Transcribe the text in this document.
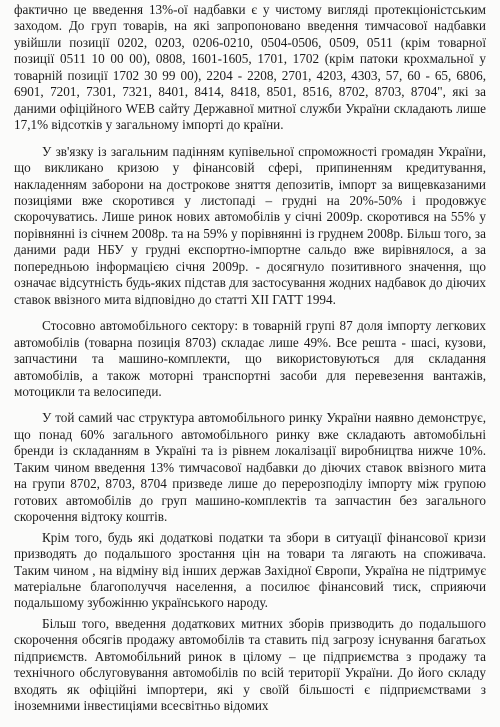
фактично це введення 13%-ої надбавки є у чистому вигляді протекціоністським заходом. До груп товарів, на які запропоновано введення тимчасової надбавки увійшли позиції 0202, 0203, 0206-0210, 0504-0506, 0509, 0511 (крім товарної позиції 0511 10 00 00), 0808, 1601-1605, 1701, 1702 (крім патоки крохмальної у товарній позиції 1702 30 99 00), 2204 - 2208, 2701, 4203, 4303, 57, 60 - 65, 6806, 6901, 7201, 7301, 7321, 8401, 8414, 8418, 8501, 8516, 8702, 8703, 8704", які за даними офіційного WEB сайту Державної митної служби України складають лише 17,1% відсотків у загальному імпорті до країни.

У зв'язку із загальним падінням купівельної спроможності громадян України, що викликано кризою у фінансовій сфері, припиненням кредитування, накладенням заборони на дострокове зняття депозитів, імпорт за вищевказаними позиціями вже скоротився у листопаді – грудні на 20%-50% і продовжує скорочуватись. Лише ринок нових автомобілів у січні 2009р. скоротився на 55% у порівнянні із січнем 2008р. та на 59% у порівнянні із груднем 2008р. Більш того, за даними ради НБУ у грудні експортно-імпортне сальдо вже вирівнялося, а за попередньою інформацією січня 2009р. - досягнуло позитивного значення, що означає відсутність будь-яких підстав для застосування жодних надбавок до діючих ставок ввізного мита відповідно до статті XII ГАТТ 1994.

Стосовно автомобільного сектору: в товарній групі 87 доля імпорту легкових автомобілів (товарна позиція 8703) складає лише 49%. Все решта - шасі, кузови, запчастини та машино-комплекти, що використовуються для складання автомобілів, а також моторні транспортні засоби для перевезення вантажів, мотоцикли та велосипеди.

У той самий час структура автомобільного ринку України наявно демонструє, що понад 60% загального автомобільного ринку вже складають автомобільні бренди із складанням в Україні та із рівнем локалізації виробництва нижче 10%. Таким чином введення 13% тимчасової надбавки до діючих ставок ввізного мита на групи 8702, 8703, 8704 призведе лише до перерозподілу імпорту між групою готових автомобілів до груп машино-комплектів та запчастин без загального скорочення відтоку коштів.

Крім того, будь які додаткові податки та збори в ситуації фінансової кризи призводять до подальшого зростання цін на товари та лягають на споживача. Таким чином , на відміну від інших держав Західної Європи, Україна не підтримує матеріальне благополуччя населення, а посилює фінансовий тиск, сприяючи подальшому зубожінню українського народу.

Більш того, введення додаткових митних зборів призводить до подальшого скорочення обсягів продажу автомобілів та ставить під загрозу існування багатьох підприємств. Автомобільний ринок в цілому – це підприємства з продажу та технічного обслуговування автомобілів по всій території України. До його складу входять як офіційні імпортери, які у своїй більшості є підприємствами з іноземними інвестиціями всесвітньо відомих
